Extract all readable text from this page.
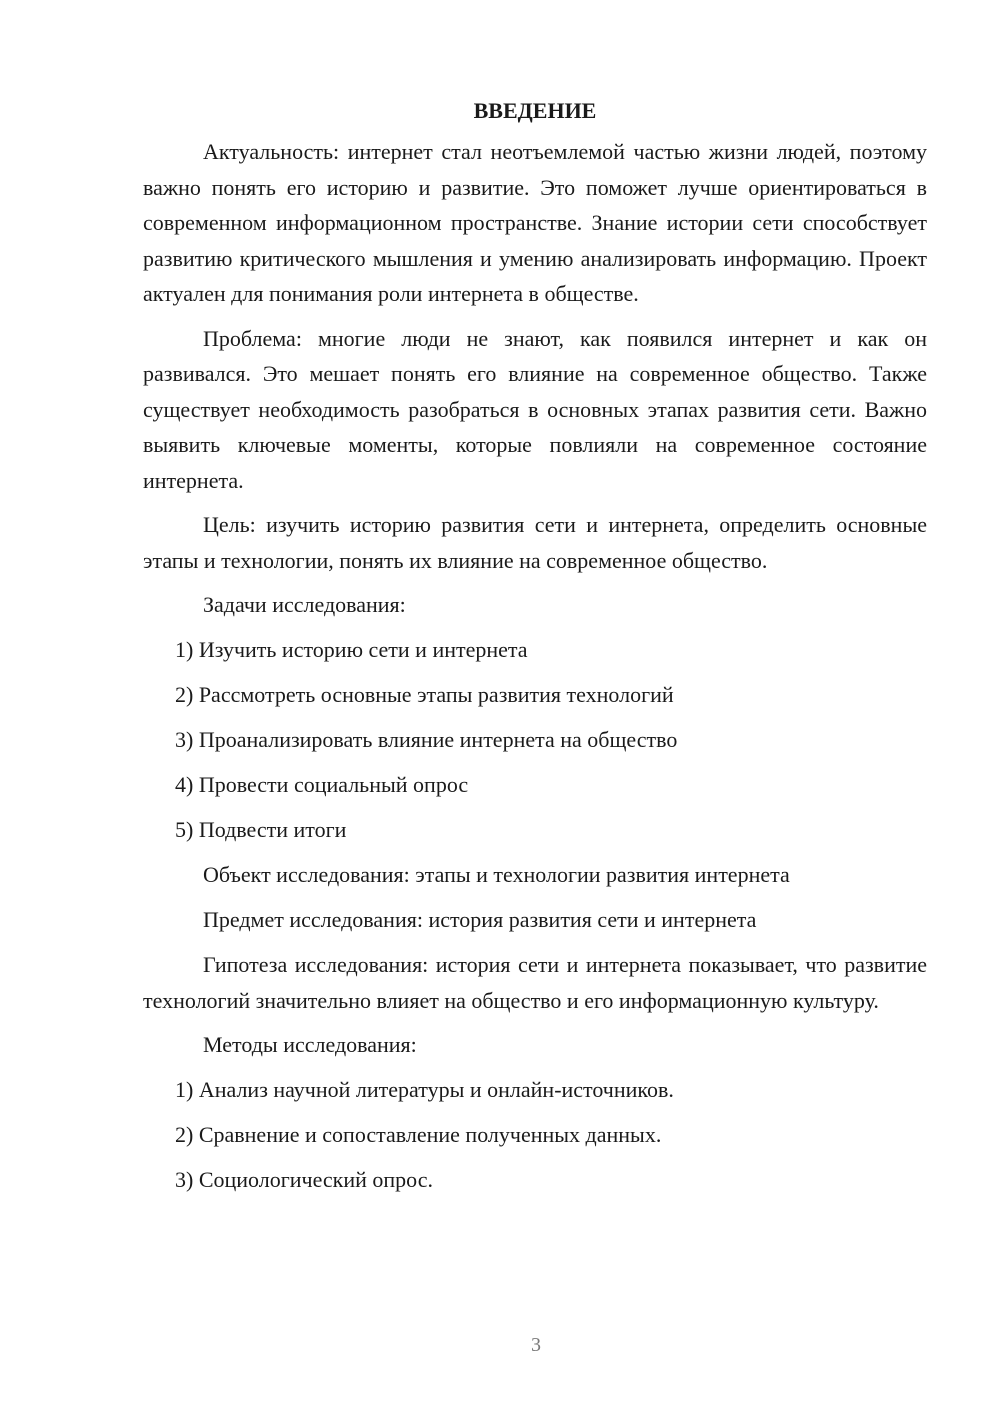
ВВЕДЕНИЕ

Актуальность: интернет стал неотъемлемой частью жизни людей, поэтому важно понять его историю и развитие. Это поможет лучше ориентироваться в современном информационном пространстве. Знание истории сети способствует развитию критического мышления и умению анализировать информацию. Проект актуален для понимания роли интернета в обществе.

Проблема: многие люди не знают, как появился интернет и как он развивался. Это мешает понять его влияние на современное общество. Также существует необходимость разобраться в основных этапах развития сети. Важно выявить ключевые моменты, которые повлияли на современное состояние интернета.

Цель: изучить историю развития сети и интернета, определить основные этапы и технологии, понять их влияние на современное общество.

Задачи исследования:

1) Изучить историю сети и интернета

2) Рассмотреть основные этапы развития технологий

3) Проанализировать влияние интернета на общество

4) Провести социальный опрос

5) Подвести итоги

Объект исследования: этапы и технологии развития интернета

Предмет исследования: история развития сети и интернета

Гипотеза исследования: история сети и интернета показывает, что развитие технологий значительно влияет на общество и его информационную культуру.

Методы исследования:

1) Анализ научной литературы и онлайн-источников.

2) Сравнение и сопоставление полученных данных.

3) Социологический опрос.

3
